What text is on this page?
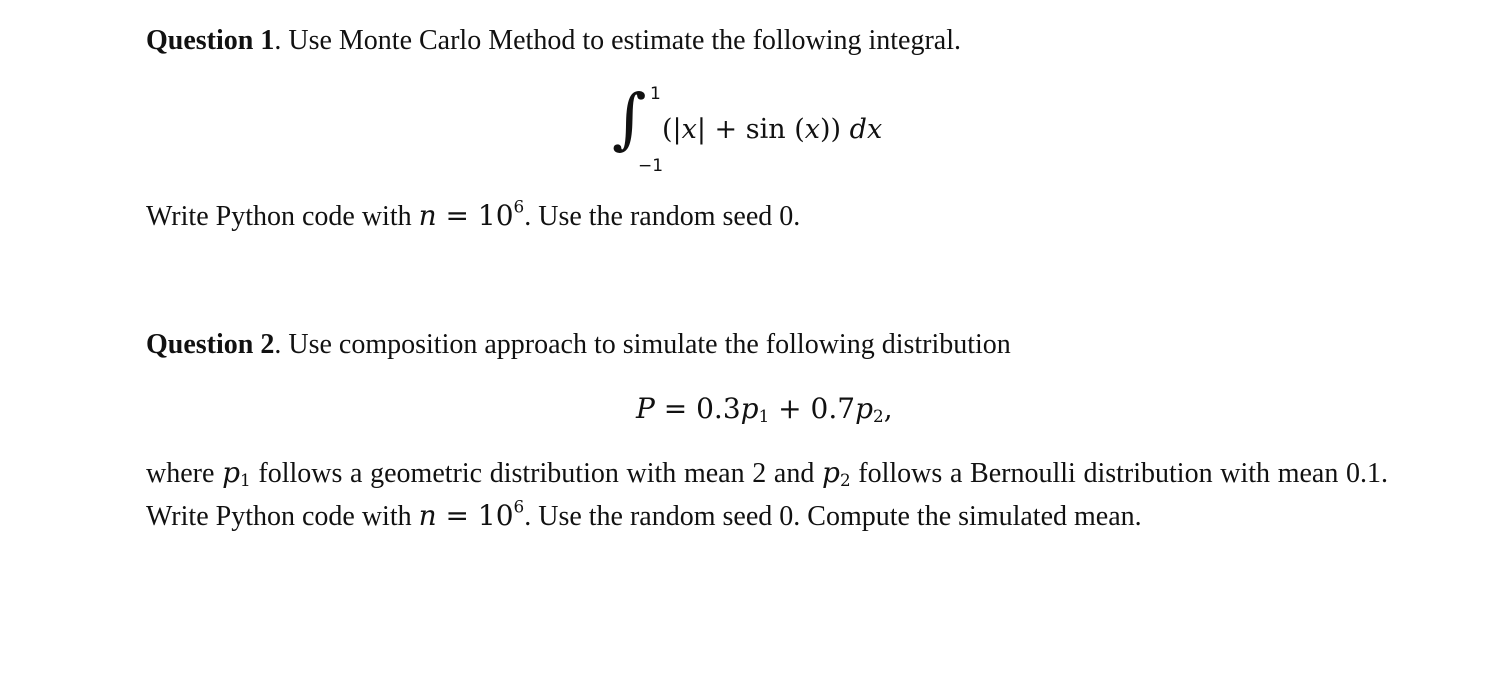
Question 1. Use Monte Carlo Method to estimate the following integral.
∫ 1
−1
(|x| + sin (x)) dx
Write Python code with $n = 10^6$. Use the random seed 0.
Question 2. Use composition approach to simulate the following distribution
$P = 0.3p_1 + 0.7p_2$,
where $p_1$ follows a geometric distribution with mean 2 and $p_2$ follows a Bernoulli distribution with mean 0.1. Write Python code with $n = 10^6$. Use the random seed 0. Compute the simulated mean.
